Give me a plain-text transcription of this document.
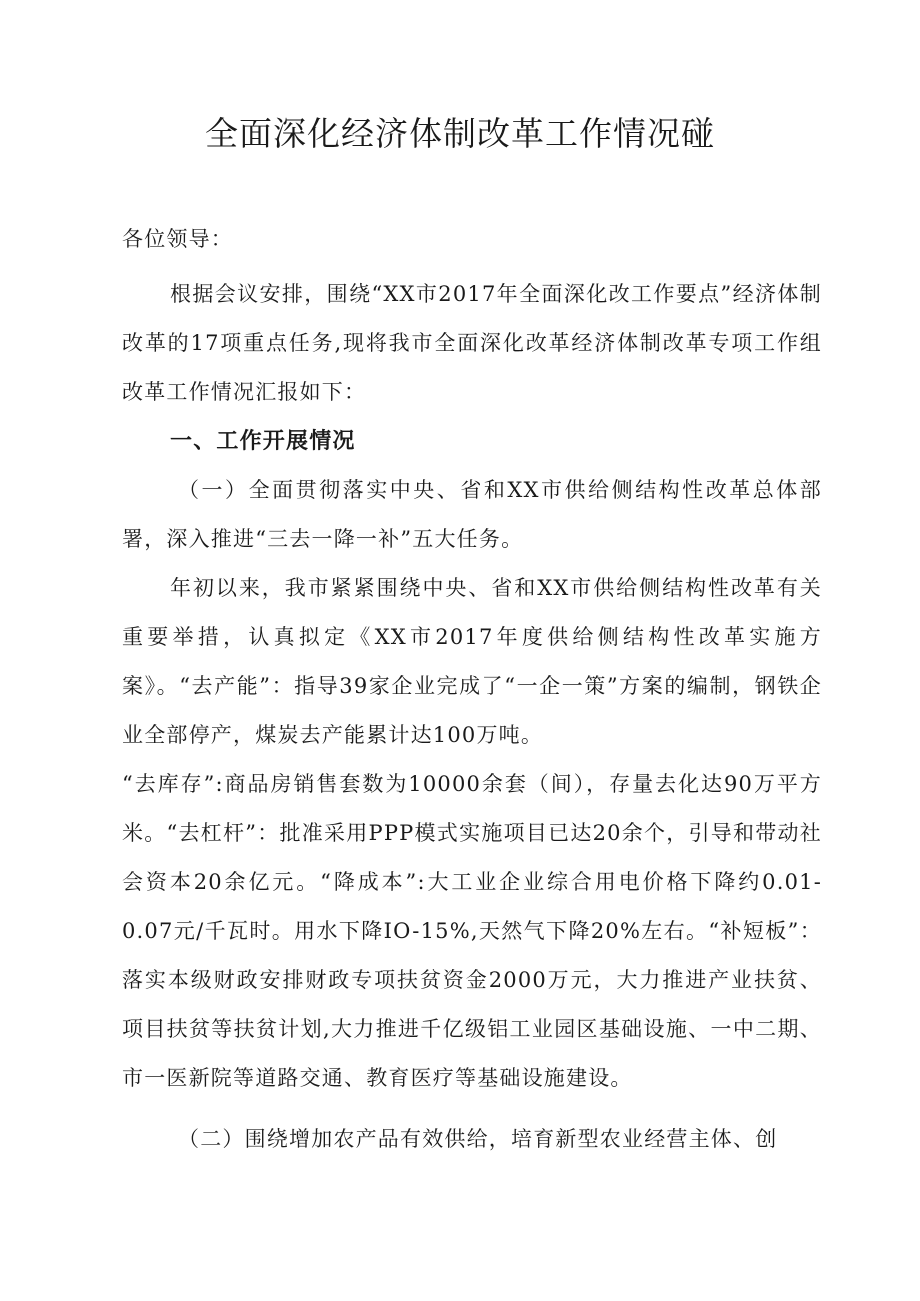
全面深化经济体制改革工作情况碰

各位领导：

根据会议安排，围绕“XX市2017年全面深化改工作要点”经济体制改革的17项重点任务,现将我市全面深化改革经济体制改革专项工作组改革工作情况汇报如下：

一、工作开展情况

（一）全面贯彻落实中央、省和XX市供给侧结构性改革总体部署，深入推进“三去一降一补”五大任务。

年初以来，我市紧紧围绕中央、省和XX市供给侧结构性改革有关重要举措，认真拟定《XX市2017年度供给侧结构性改革实施方案》。“去产能”：指导39家企业完成了“一企一策”方案的编制，钢铁企业全部停产，煤炭去产能累计达100万吨。

“去库存”:商品房销售套数为10000余套（间），存量去化达90万平方米。“去杠杆”：批准采用PPP模式实施项目已达20余个，引导和带动社会资本20余亿元。“降成本”:大工业企业综合用电价格下降约0.01-0.07元/千瓦时。用水下降IO-15%,天然气下降20%左右。“补短板”：落实本级财政安排财政专项扶贫资金2000万元，大力推进产业扶贫、项目扶贫等扶贫计划,大力推进千亿级铝工业园区基础设施、一中二期、市一医新院等道路交通、教育医疗等基础设施建设。

（二）围绕增加农产品有效供给，培育新型农业经营主体、创
